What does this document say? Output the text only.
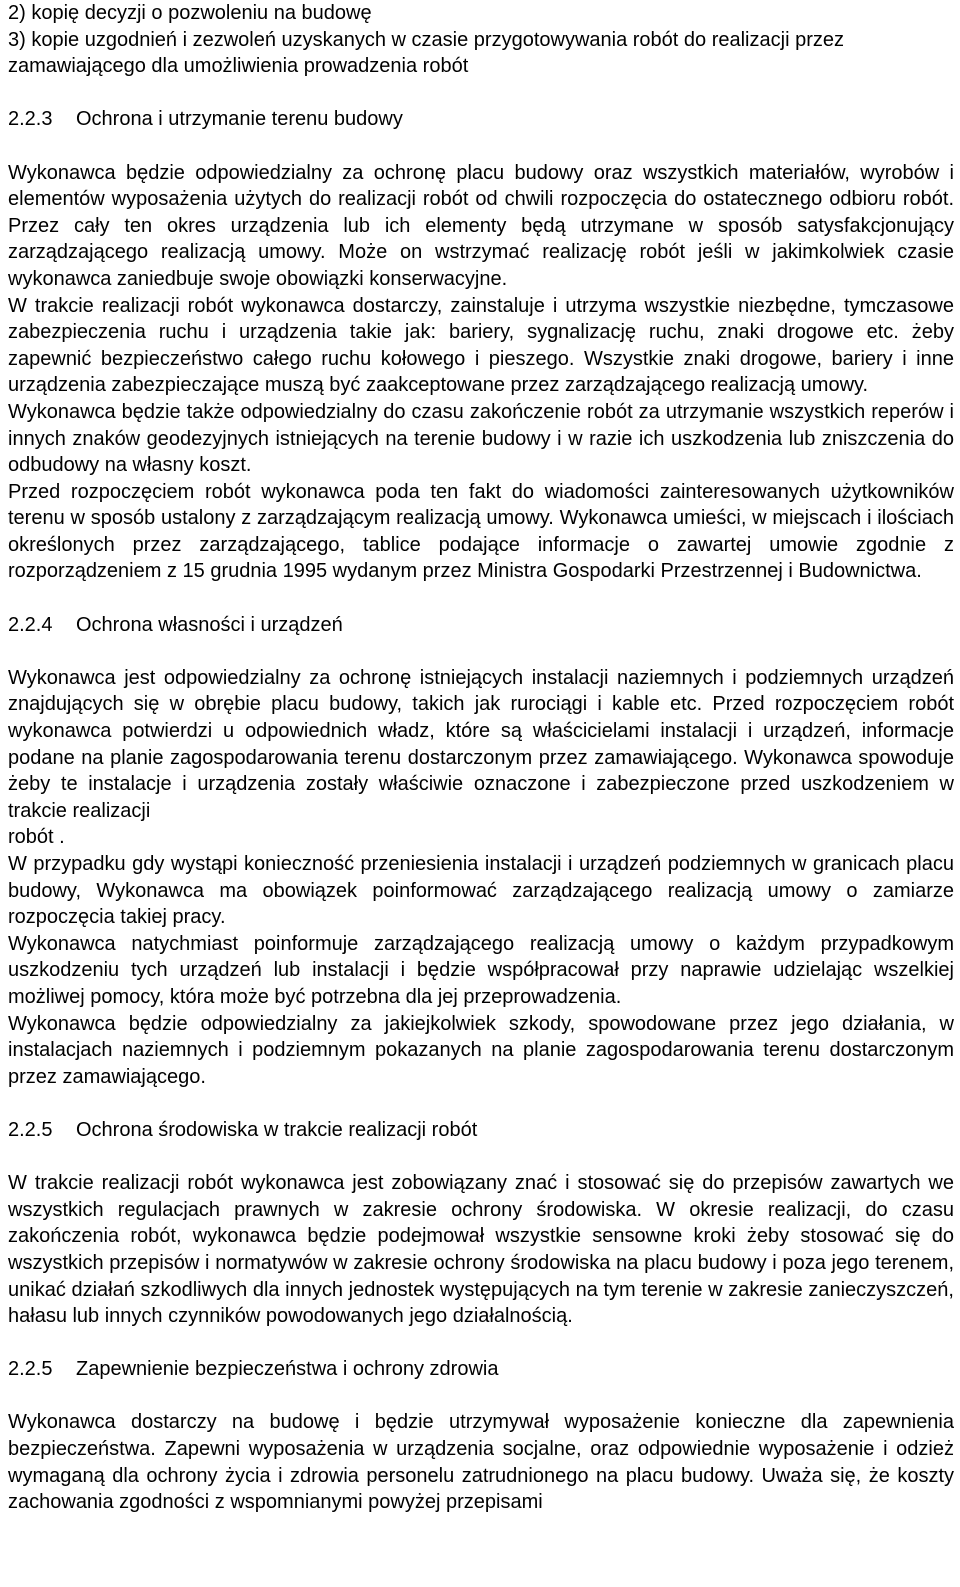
2) kopię decyzji o pozwoleniu na budowę
3) kopie uzgodnień i zezwoleń uzyskanych w czasie przygotowywania robót do realizacji przez
zamawiającego dla umożliwienia prowadzenia robót
2.2.3 Ochrona i utrzymanie terenu budowy

Wykonawca będzie odpowiedzialny za ochronę placu budowy oraz wszystkich materiałów, wyrobów i elementów wyposażenia użytych do realizacji robót od chwili rozpoczęcia do ostatecznego odbioru robót. Przez cały ten okres urządzenia lub ich elementy będą utrzymane w sposób satysfakcjonujący zarządzającego realizacją umowy. Może on wstrzymać realizację robót jeśli w jakimkolwiek czasie wykonawca zaniedbuje swoje obowiązki konserwacyjne.

W trakcie realizacji robót wykonawca dostarczy, zainstaluje i utrzyma wszystkie niezbędne, tymczasowe zabezpieczenia ruchu i urządzenia takie jak: bariery, sygnalizację ruchu, znaki drogowe etc. żeby zapewnić bezpieczeństwo całego ruchu kołowego i pieszego. Wszystkie znaki drogowe, bariery i inne urządzenia zabezpieczające muszą być zaakceptowane przez zarządzającego realizacją umowy.

Wykonawca będzie także odpowiedzialny do czasu zakończenie robót za utrzymanie wszystkich reperów i innych znaków geodezyjnych istniejących na terenie budowy i w razie ich uszkodzenia lub zniszczenia do odbudowy na własny koszt.

Przed rozpoczęciem robót wykonawca poda ten fakt do wiadomości zainteresowanych użytkowników terenu w sposób ustalony z zarządzającym realizacją umowy. Wykonawca umieści, w miejscach i ilościach określonych przez zarządzającego, tablice podające informacje o zawartej umowie zgodnie z rozporządzeniem z 15 grudnia 1995 wydanym przez Ministra Gospodarki Przestrzennej i Budownictwa.

2.2.4 Ochrona własności i urządzeń

Wykonawca jest odpowiedzialny za ochronę istniejących instalacji naziemnych i podziemnych urządzeń znajdujących się w obrębie placu budowy, takich jak rurociągi i kable etc. Przed rozpoczęciem robót wykonawca potwierdzi u odpowiednich władz, które są właścicielami instalacji i urządzeń, informacje podane na planie zagospodarowania terenu dostarczonym przez zamawiającego. Wykonawca spowoduje żeby te instalacje i urządzenia zostały właściwie oznaczone i zabezpieczone przed uszkodzeniem w trakcie realizacji

robót .

W przypadku gdy wystąpi konieczność przeniesienia instalacji i urządzeń podziemnych w granicach placu budowy, Wykonawca ma obowiązek poinformować zarządzającego realizacją umowy o zamiarze rozpoczęcia takiej pracy.

Wykonawca natychmiast poinformuje zarządzającego realizacją umowy o każdym przypadkowym uszkodzeniu tych urządzeń lub instalacji i będzie współpracował przy naprawie udzielając wszelkiej możliwej pomocy, która może być potrzebna dla jej przeprowadzenia.

Wykonawca będzie odpowiedzialny za jakiejkolwiek szkody, spowodowane przez jego działania, w instalacjach naziemnych i podziemnym pokazanych na planie zagospodarowania terenu dostarczonym przez zamawiającego.

2.2.5 Ochrona środowiska w trakcie realizacji robót

W trakcie realizacji robót wykonawca jest zobowiązany znać i stosować się do przepisów zawartych we wszystkich regulacjach prawnych w zakresie ochrony środowiska. W okresie realizacji, do czasu zakończenia robót, wykonawca będzie podejmował wszystkie sensowne kroki żeby stosować się do wszystkich przepisów i normatywów w zakresie ochrony środowiska na placu budowy i poza jego terenem, unikać działań szkodliwych dla innych jednostek występujących na tym terenie w zakresie zanieczyszczeń, hałasu lub innych czynników powodowanych jego działalnością.

2.2.5 Zapewnienie bezpieczeństwa i ochrony zdrowia

Wykonawca dostarczy na budowę i będzie utrzymywał wyposażenie konieczne dla zapewnienia bezpieczeństwa. Zapewni wyposażenia w urządzenia socjalne, oraz odpowiednie wyposażenie i odzież wymaganą dla ochrony życia i zdrowia personelu zatrudnionego na placu budowy. Uważa się, że koszty zachowania zgodności z wspomnianymi powyżej przepisami
